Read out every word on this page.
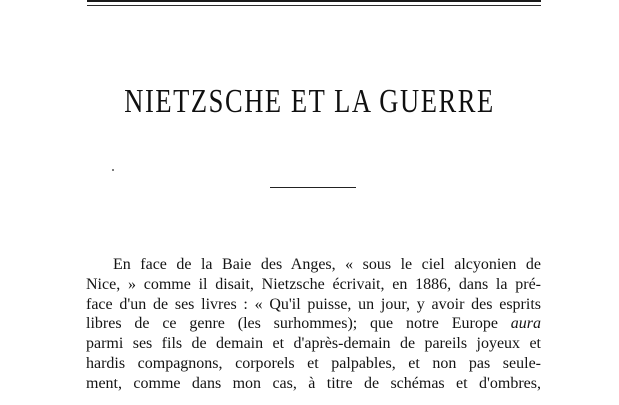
NIETZSCHE ET LA GUERRE
En face de la Baie des Anges, « sous le ciel alcyonien de
Nice, » comme il disait, Nietzsche écrivait, en 1886, dans la pré-
face d'un de ses livres : « Qu'il puisse, un jour, y avoir des esprits
libres de ce genre (les surhommes); que notre Europe aura
parmi ses fils de demain et d'après-demain de pareils joyeux et
hardis compagnons, corporels et palpables, et non pas seule-
ment, comme dans mon cas, à titre de schémas et d'ombres,
